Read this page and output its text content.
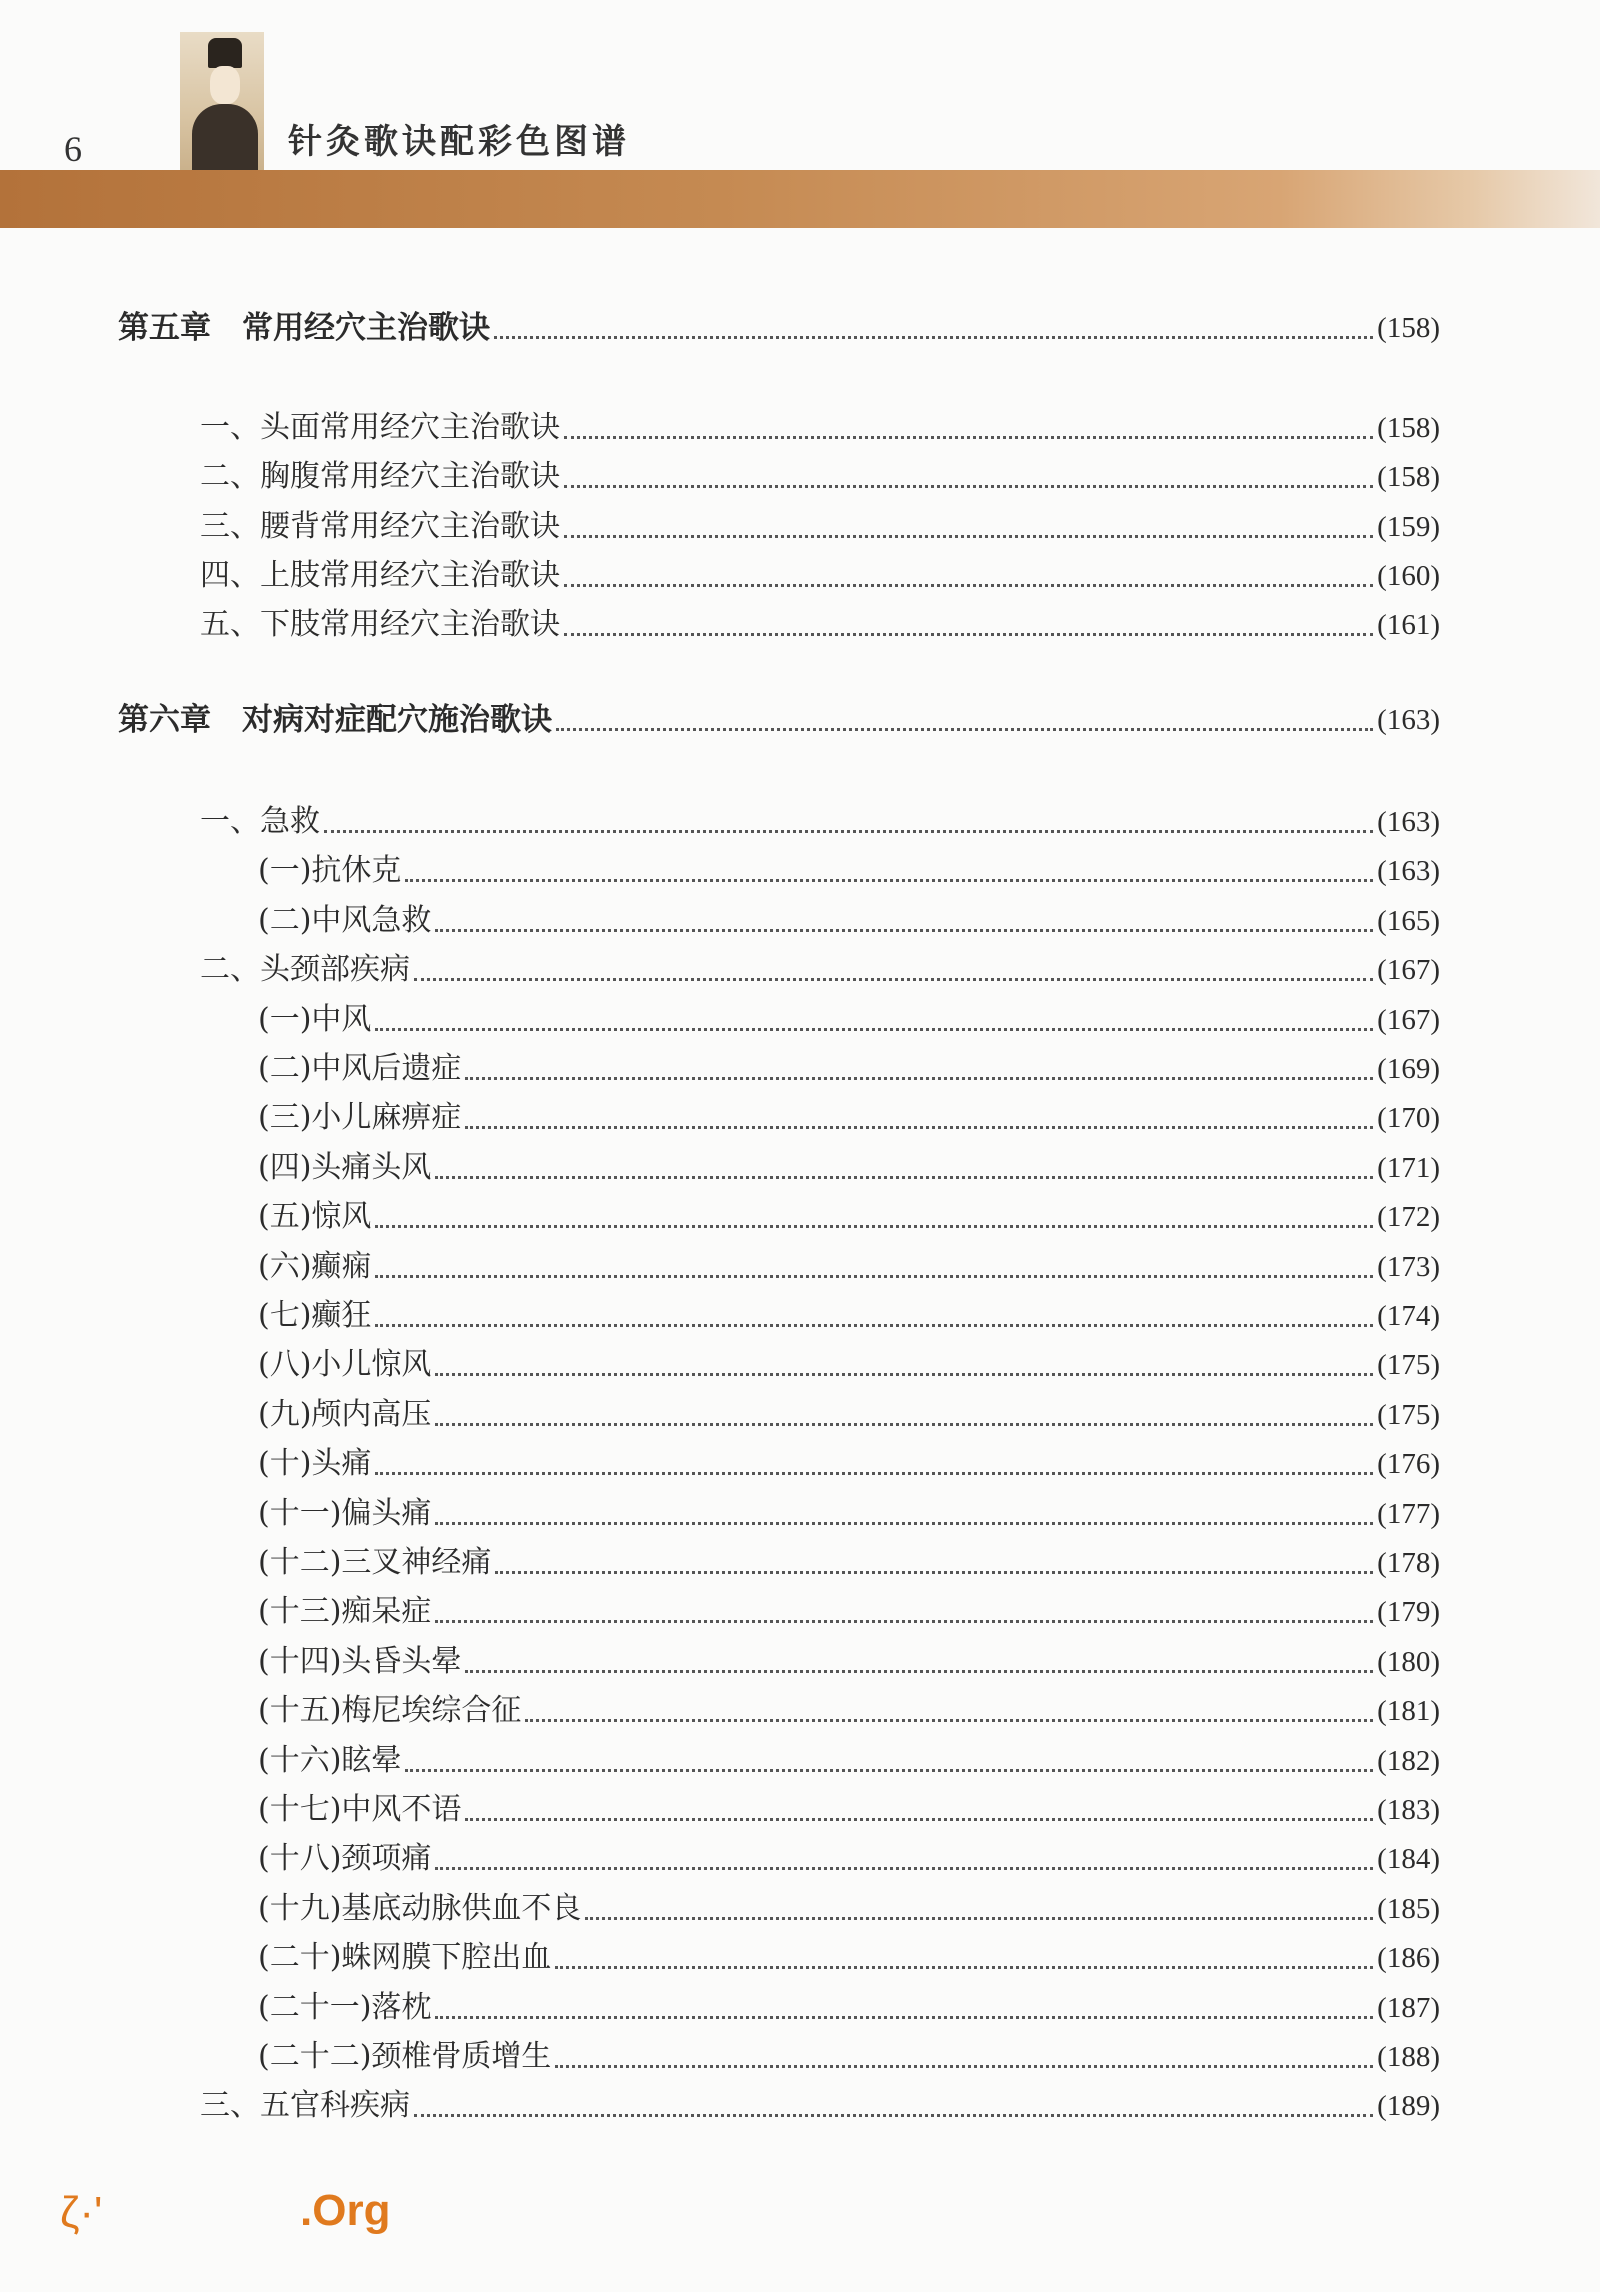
6	针灸歌诀配彩色图谱
第五章　常用经穴主治歌诀	(158)
一、头面常用经穴主治歌诀	(158)
二、胸腹常用经穴主治歌诀	(158)
三、腰背常用经穴主治歌诀	(159)
四、上肢常用经穴主治歌诀	(160)
五、下肢常用经穴主治歌诀	(161)
第六章　对病对症配穴施治歌诀	(163)
一、急救	(163)
(一)抗休克	(163)
(二)中风急救	(165)
二、头颈部疾病	(167)
(一)中风	(167)
(二)中风后遗症	(169)
(三)小儿麻痹症	(170)
(四)头痛头风	(171)
(五)惊风	(172)
(六)癫痫	(173)
(七)癫狂	(174)
(八)小儿惊风	(175)
(九)颅内高压	(175)
(十)头痛	(176)
(十一)偏头痛	(177)
(十二)三叉神经痛	(178)
(十三)痴呆症	(179)
(十四)头昏头晕	(180)
(十五)梅尼埃综合征	(181)
(十六)眩晕	(182)
(十七)中风不语	(183)
(十八)颈项痛	(184)
(十九)基底动脉供血不良	(185)
(二十)蛛网膜下腔出血	(186)
(二十一)落枕	(187)
(二十二)颈椎骨质增生	(188)
三、五官科疾病	(189)
ζ·'	.Org
